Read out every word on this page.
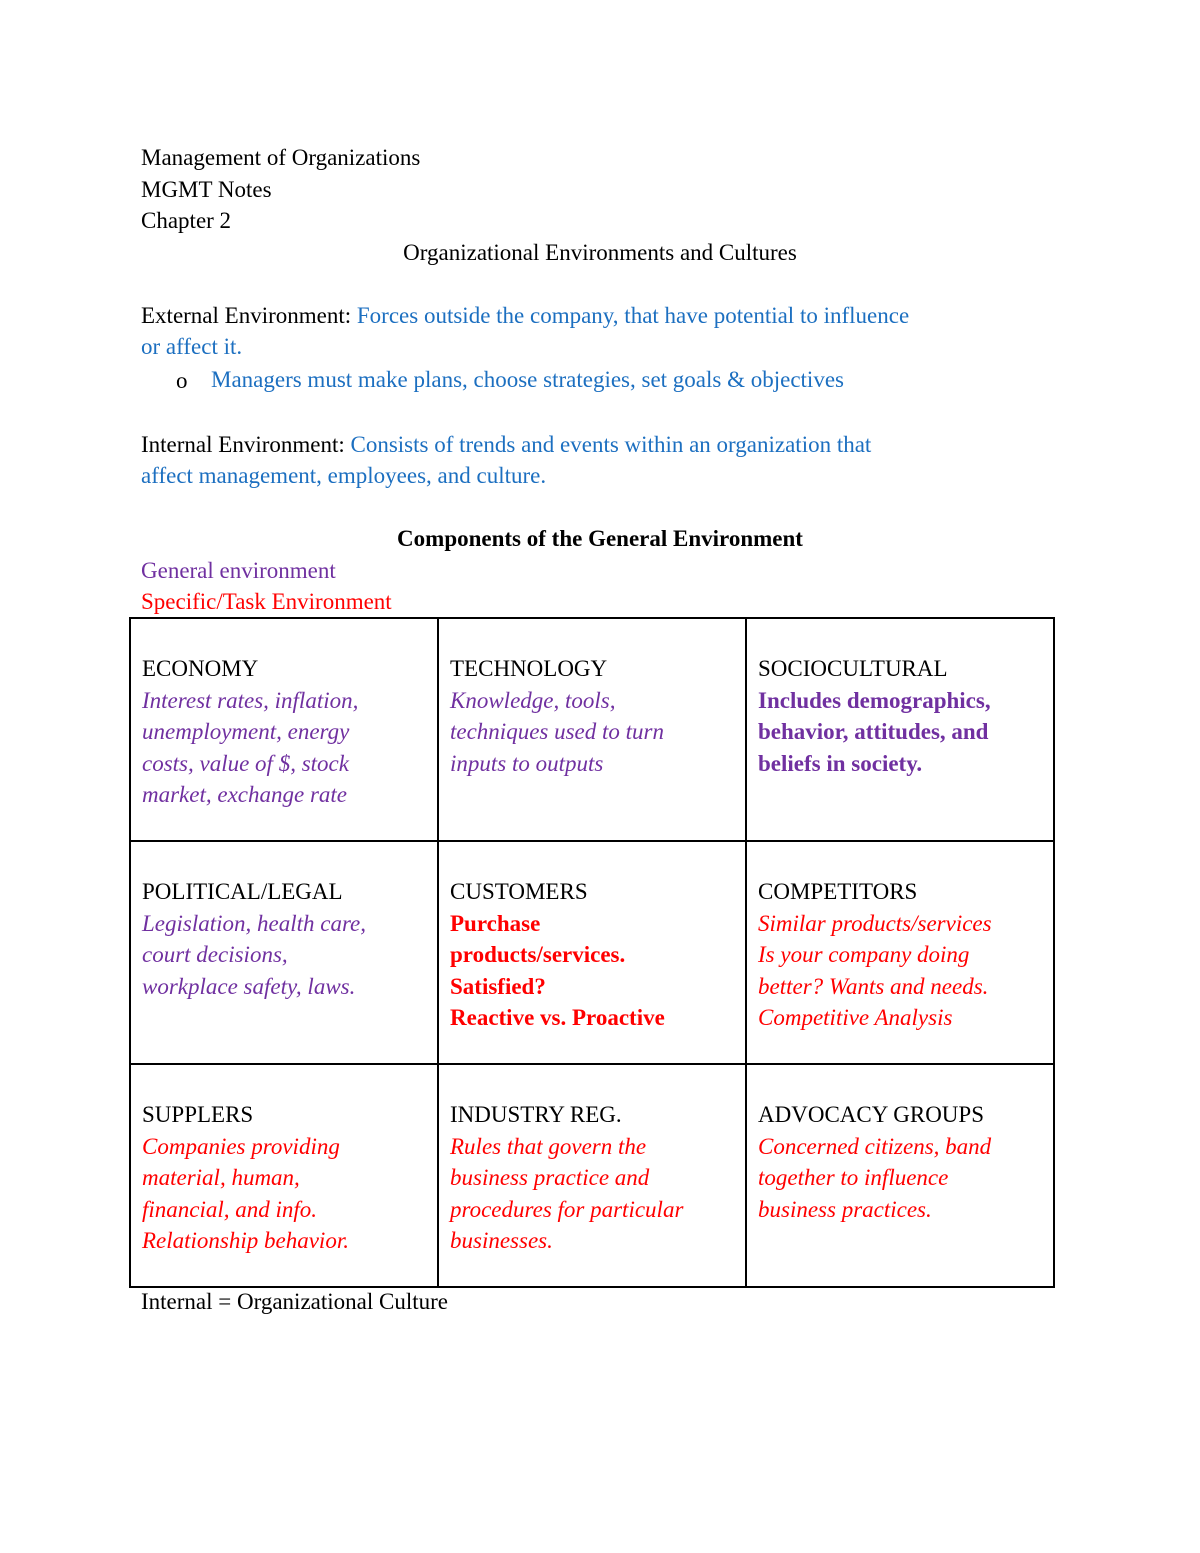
Management of Organizations
MGMT Notes
Chapter 2
Organizational Environments and Cultures
External Environment: Forces outside the company, that have potential to influence
or affect it.
o Managers must make plans, choose strategies, set goals & objectives
Internal Environment: Consists of trends and events within an organization that
affect management, employees, and culture.
Components of the General Environment
General environment
Specific/Task Environment
ECONOMY
Interest rates, inflation,
unemployment, energy
costs, value of $, stock
market, exchange rate	TECHNOLOGY
Knowledge, tools,
techniques used to turn
inputs to outputs	SOCIOCULTURAL
Includes demographics,
behavior, attitudes, and
beliefs in society.

POLITICAL/LEGAL
Legislation, health care,
court decisions,
workplace safety, laws.	CUSTOMERS
Purchase
products/services.
Satisfied?
Reactive vs. Proactive	COMPETITORS
Similar products/services
Is your company doing
better? Wants and needs.
Competitive Analysis

SUPPLERS
Companies providing
material, human,
financial, and info.
Relationship behavior.	INDUSTRY REG.
Rules that govern the
business practice and
procedures for particular
businesses.	ADVOCACY GROUPS
Concerned citizens, band
together to influence
business practices.
Internal = Organizational Culture
